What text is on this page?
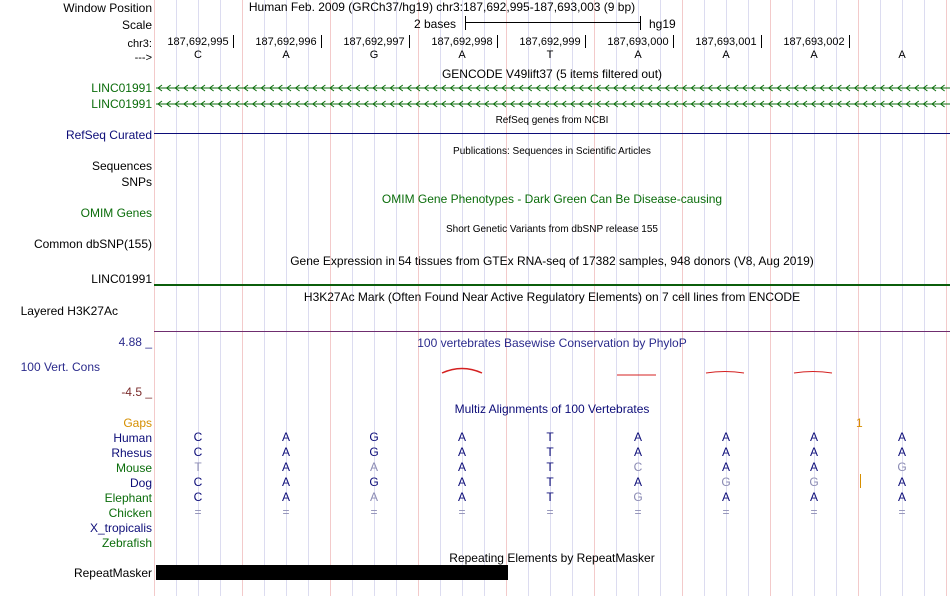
Window Position
Scale
chr3:
--->
LINC01991
LINC01991
RefSeq Curated
Sequences
SNPs
OMIM Genes
Common dbSNP(155)
LINC01991
Layered H3K27Ac
4.88 _
100 Vert. Cons
-4.5 _
Gaps
Human
Rhesus
Mouse
Dog
Elephant
Chicken
X_tropicalis
Zebrafish
RepeatMasker
Human Feb. 2009 (GRCh37/hg19) chr3:187,692,995-187,693,003 (9 bp)
2 bases	hg19
187,692,995 187,692,996 187,692,997 187,692,998 187,692,999 187,693,000 187,693,001 187,693,002
C	A	G	A	T	A	A	A	A
GENCODE V49lift37 (5 items filtered out)
RefSeq genes from NCBI
Publications: Sequences in Scientific Articles
OMIM Gene Phenotypes - Dark Green Can Be Disease-causing
Short Genetic Variants from dbSNP release 155
Gene Expression in 54 tissues from GTEx RNA-seq of 17382 samples, 948 donors (V8, Aug 2019)
H3K27Ac Mark (Often Found Near Active Regulatory Elements) on 7 cell lines from ENCODE
100 vertebrates Basewise Conservation by PhyloP
Multiz Alignments of 100 Vertebrates
1
C	A	G	A	T	A	A	A	A
C	A	G	A	T	A	A	A	A
T	A	A	A	T	C	A	A	G
C	A	G	A	T	A	G	G	A
C	A	A	A	T	G	A	A	A
=	=	=	=	=	=	=	=	=
Repeating Elements by RepeatMasker
